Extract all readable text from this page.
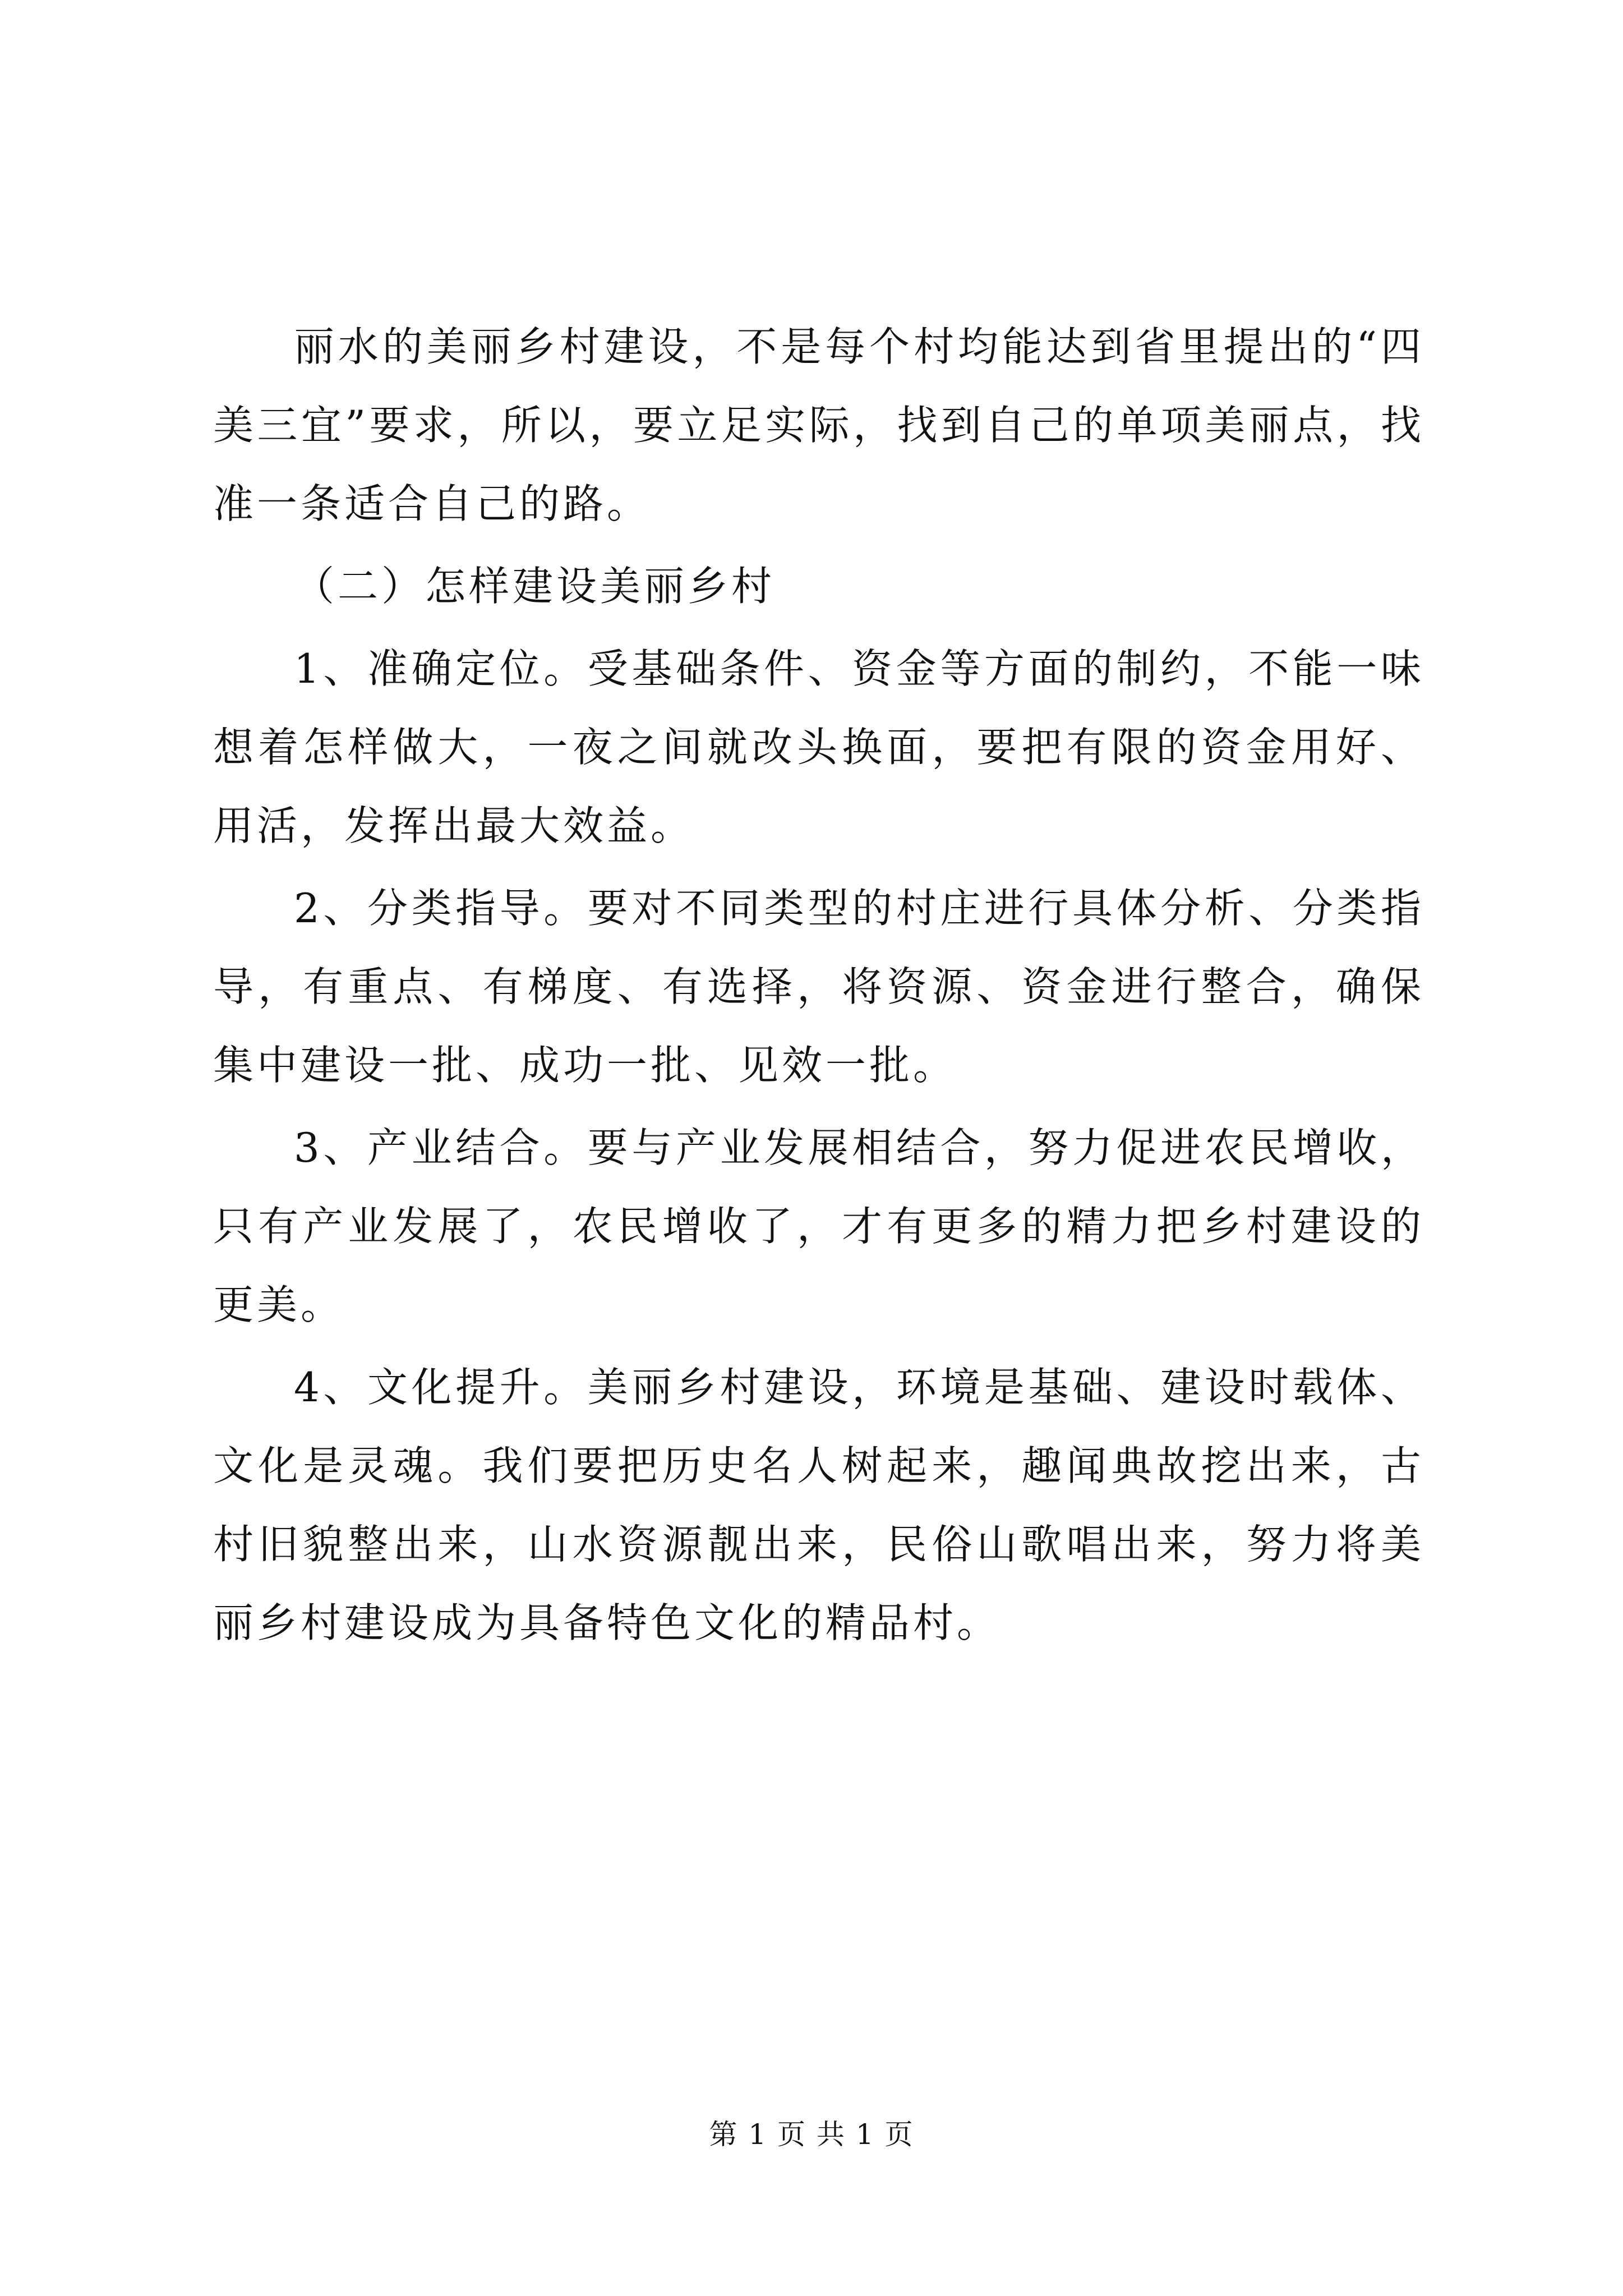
丽水的美丽乡村建设，不是每个村均能达到省里提出的“四美三宜”要求，所以，要立足实际，找到自己的单项美丽点，找准一条适合自己的路。

（二）怎样建设美丽乡村

1、准确定位。受基础条件、资金等方面的制约，不能一味想着怎样做大，一夜之间就改头换面，要把有限的资金用好、用活，发挥出最大效益。

2、分类指导。要对不同类型的村庄进行具体分析、分类指导，有重点、有梯度、有选择，将资源、资金进行整合，确保集中建设一批、成功一批、见效一批。

3、产业结合。要与产业发展相结合，努力促进农民增收，只有产业发展了，农民增收了，才有更多的精力把乡村建设的更美。

4、文化提升。美丽乡村建设，环境是基础、建设时载体、文化是灵魂。我们要把历史名人树起来，趣闻典故挖出来，古村旧貌整出来，山水资源靓出来，民俗山歌唱出来，努力将美丽乡村建设成为具备特色文化的精品村。

第 1 页 共 1 页
